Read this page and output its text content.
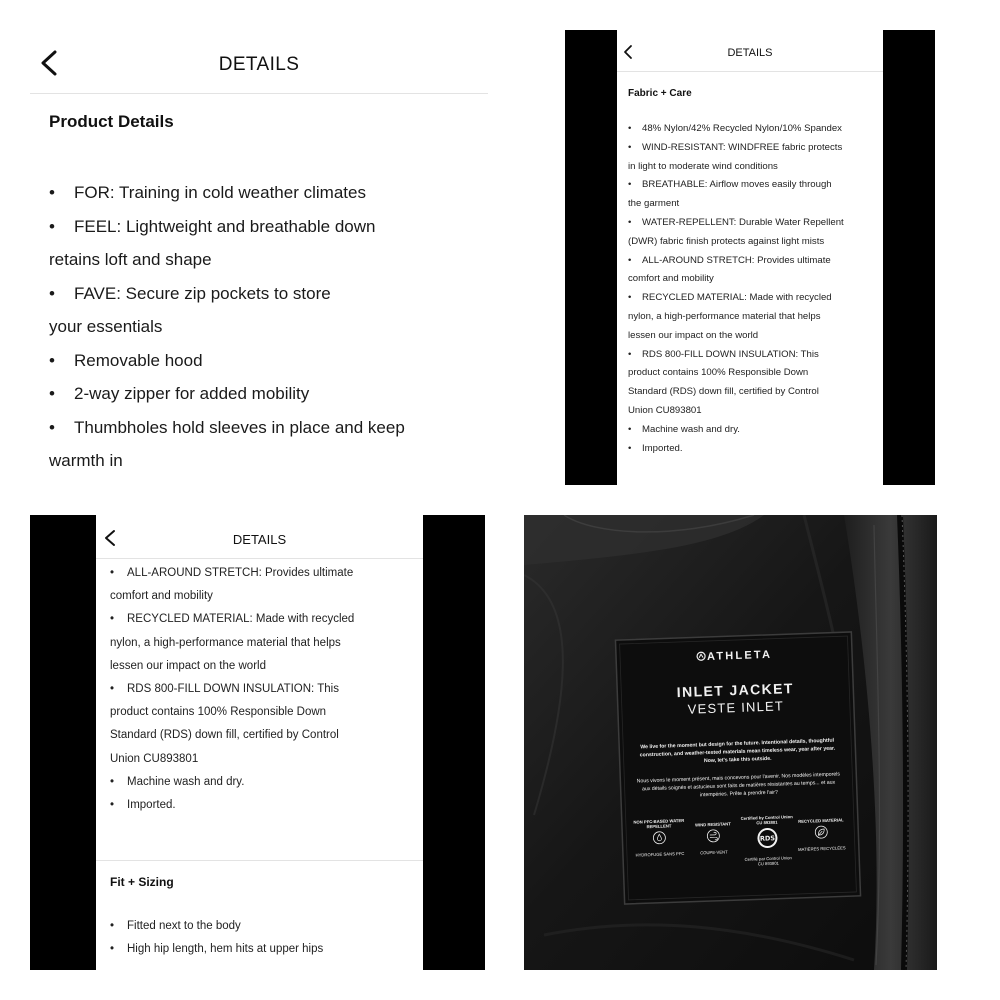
DETAILS
Product Details
• FOR: Training in cold weather climates
• FEEL: Lightweight and breathable down
retains loft and shape
• FAVE: Secure zip pockets to store
your essentials
• Removable hood
• 2-way zipper for added mobility
• Thumbholes hold sleeves in place and keep
warmth in
DETAILS
Fabric + Care
• 48% Nylon/42% Recycled Nylon/10% Spandex
• WIND-RESISTANT: WINDFREE fabric protects
in light to moderate wind conditions
• BREATHABLE: Airflow moves easily through
the garment
• WATER-REPELLENT: Durable Water Repellent
(DWR) fabric finish protects against light mists
• ALL-AROUND STRETCH: Provides ultimate
comfort and mobility
• RECYCLED MATERIAL: Made with recycled
nylon, a high-performance material that helps
lessen our impact on the world
• RDS 800-FILL DOWN INSULATION: This
product contains 100% Responsible Down
Standard (RDS) down fill, certified by Control
Union CU893801
• Machine wash and dry.
• Imported.
DETAILS
• ALL-AROUND STRETCH: Provides ultimate
comfort and mobility
• RECYCLED MATERIAL: Made with recycled
nylon, a high-performance material that helps
lessen our impact on the world
• RDS 800-FILL DOWN INSULATION: This
product contains 100% Responsible Down
Standard (RDS) down fill, certified by Control
Union CU893801
• Machine wash and dry.
• Imported.
Fit + Sizing
• Fitted next to the body
• High hip length, hem hits at upper hips
ATHLETA
INLET JACKET
VESTE INLET
We live for the moment but design for the future. Intentional details, thoughtful construction, and weather-tested materials mean timeless wear, year after year. Now, let's take this outside.
Nous vivons le moment présent, mais concevons pour l'avenir. Nos modèles intemporels aux détails soignés et astucieux sont faits de matières résistantes au temps... et aux intempéries. Prête à prendre l'air?
NON PFC-BASED WATER REPELLENT
HYDROFUGE SANS PFC
WIND RESISTANT
COUPE-VENT
Certified by Control Union CU 893801
RDS
Certifié par Control Union CU 893801
RECYCLED MATERIAL
MATIÈRES RECYCLÉES
